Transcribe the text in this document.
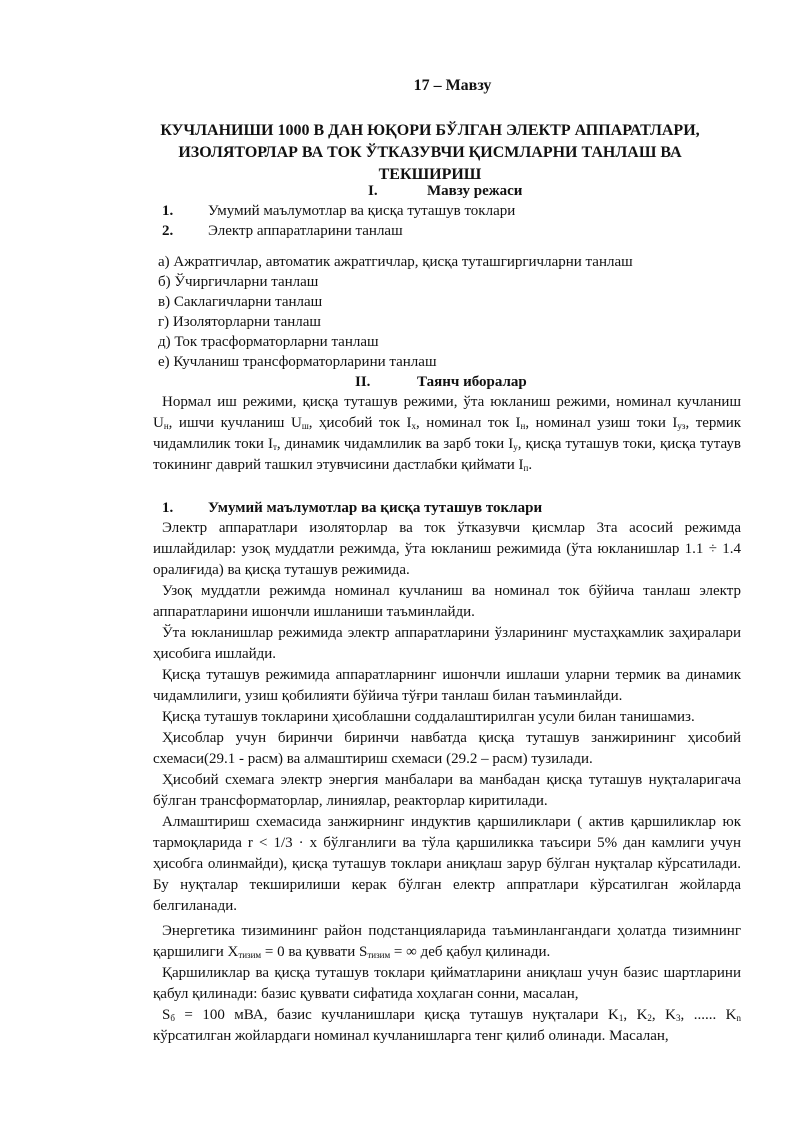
17 – Мавзу
КУЧЛАНИШИ 1000 В ДАН ЮҚОРИ БЎЛГАН ЭЛЕКТР АППАРАТЛАРИ, ИЗОЛЯТОРЛАР ВА ТОК ЎТКАЗУВЧИ ҚИСМЛАРНИ ТАНЛАШ ВА ТЕКШИРИШ
I.	Мавзу режаси
1. Умумий маълумотлар ва қисқа туташув токлари
2. Электр аппаратларини танлаш
а) Ажратгичлар, автоматик ажратгичлар, қисқа туташгиргичларни танлаш
б) Ўчиргичларни танлаш
в) Саклагичларни танлаш
г) Изоляторларни танлаш
д) Ток трасформаторларни танлаш
е) Кучланиш трансформаторларини танлаш
II.	Таянч иборалар
Нормал иш режими, қисқа туташув режими, ўта юкланиш режими, номинал кучланиш $U_н$, ишчи кучланиш $U_ш$, ҳисобий ток $I_х$, номинал ток $I_н$, номинал узиш токи $I_{уз}$, термик чидамлилик токи $I_т$, динамик чидамлилик ва зарб токи $I_у$, қисқа туташув токи, қисқа тутаув токининг даврий ташкил этувчисини дастлабки қиймати $I_п$.
1. Умумий маълумотлар ва қисқа туташув токлари
Электр аппаратлари изоляторлар ва ток ўтказувчи қисмлар 3та асосий режимда ишлайдилар: узоқ муддатли режимда, ўта юкланиш режимида (ўта юкланишлар 1.1 ÷ 1.4 оралиғида) ва қисқа туташув режимида.
Узоқ муддатли режимда номинал кучланиш ва номинал ток бўйича танлаш электр аппаратларини ишончли ишланиши таъминлайди.
Ўта юкланишлар режимида электр аппаратларини ўзларининг мустаҳкамлик заҳиралари ҳисобига ишлайди.
Қисқа туташув режимида аппаратларнинг ишончли ишлаши уларни термик ва динамик чидамлилиги, узиш қобилияти бўйича тўғри танлаш билан таъминлайди.
Қисқа туташув токларини ҳисоблашни соддалаштирилган усули билан танишамиз.
Ҳисоблар учун биринчи биринчи навбатда қисқа туташув занжирининг ҳисобий схемаси(29.1 - расм) ва алмаштириш схемаси (29.2 – расм) тузилади.
Ҳисобий схемага электр энергия манбалари ва манбадан қисқа туташув нуқталаригача бўлган трансформаторлар, линиялар, реакторлар киритилади.
Алмаштириш схемасида занжирнинг индуктив қаршиликлари ( актив қаршиликлар юк тармоқларида r < 1/3 · x бўлганлиги ва тўла қаршиликка таъсири 5% дан камлиги учун ҳисобга олинмайди), қисқа туташув токлари аниқлаш зарур бўлган нуқталар кўрсатилади. Бу нуқталар текширилиши керак бўлган електр аппратлари кўрсатилган жойларда белгиланади.
Энергетика тизимининг район подстанцияларида таъминлангандаги ҳолатда тизимнинг қаршилиги $X_{тизим} = 0$ ва қуввати $S_{тизим}$ = ∞ деб қабул қилинади.
Қаршиликлар ва қисқа туташув токлари қийматларини аниқлаш учун базис шартларини қабул қилинади: базис қуввати сифатида хоҳлаган сонни, масалан,
$S_б = 100$ мВА, базис кучланишлари қисқа туташув нуқталари $K_1$, $K_2$, $K_3$, ...... $K_n$ кўрсатилган жойлардаги номинал кучланишларга тенг қилиб олинади. Масалан,
